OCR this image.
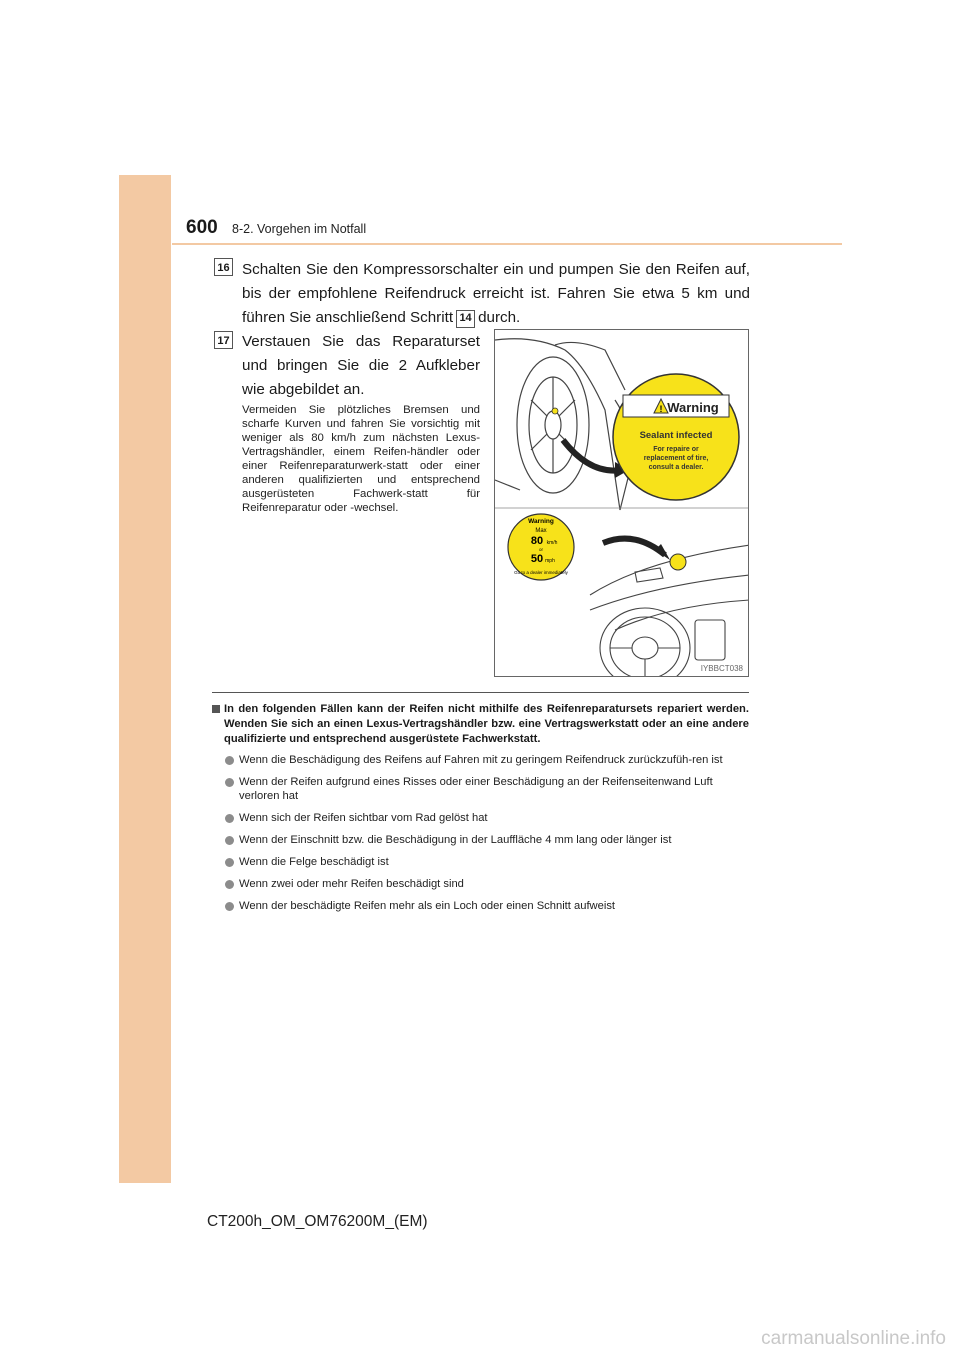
600 8-2. Vorgehen im Notfall
16 Schalten Sie den Kompressorschalter ein und pumpen Sie den Reifen auf, bis der empfohlene Reifendruck erreicht ist. Fahren Sie etwa 5 km und führen Sie anschließend Schritt 14 durch.
17 Verstauen Sie das Reparaturset und bringen Sie die 2 Aufkleber wie abgebildet an.
Vermeiden Sie plötzliches Bremsen und scharfe Kurven und fahren Sie vorsichtig mit weniger als 80 km/h zum nächsten Lexus-Vertragshändler, einem Reifen-händler oder einer Reifenreparaturwerk-statt oder einer anderen qualifizierten und entsprechend ausgerüsteten Fachwerk-statt für Reifenreparatur oder -wechsel.
! Warning
Sealant infected
For repaire or
replacement of tire,
consult a dealer.
Warning
Max
80 km/h
or
50 mph
Go to a dealer immediately
IYBBCT038
In den folgenden Fällen kann der Reifen nicht mithilfe des Reifenreparatursets repariert werden. Wenden Sie sich an einen Lexus-Vertragshändler bzw. eine Vertragswerkstatt oder an eine andere qualifizierte und entsprechend ausgerüstete Fachwerkstatt.
Wenn die Beschädigung des Reifens auf Fahren mit zu geringem Reifendruck zurückzufüh-ren ist
Wenn der Reifen aufgrund eines Risses oder einer Beschädigung an der Reifenseitenwand Luft verloren hat
Wenn sich der Reifen sichtbar vom Rad gelöst hat
Wenn der Einschnitt bzw. die Beschädigung in der Lauffläche 4 mm lang oder länger ist
Wenn die Felge beschädigt ist
Wenn zwei oder mehr Reifen beschädigt sind
Wenn der beschädigte Reifen mehr als ein Loch oder einen Schnitt aufweist
CT200h_OM_OM76200M_(EM)
carmanualsonline.info
